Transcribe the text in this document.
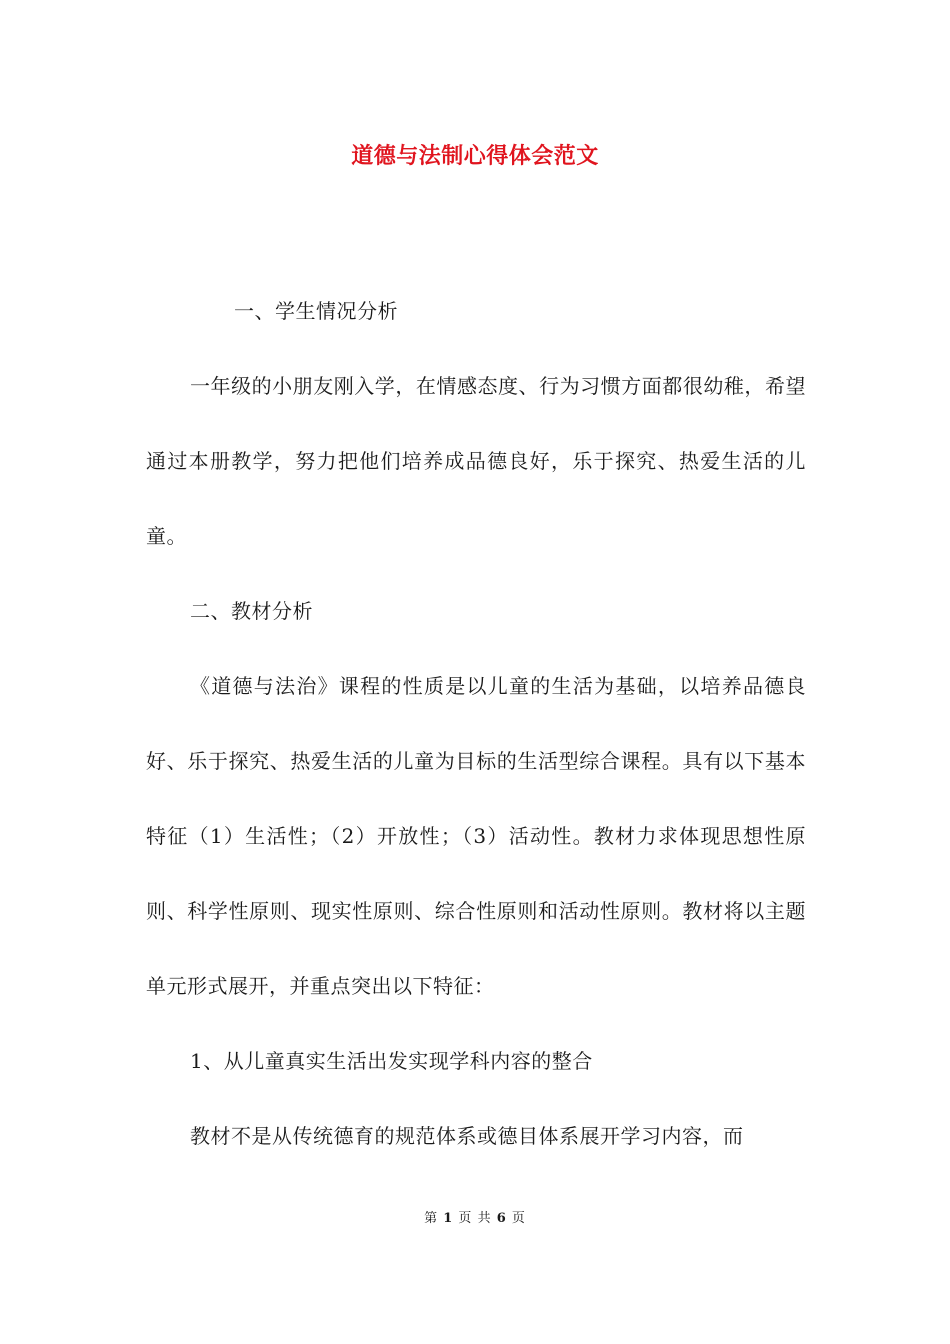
道德与法制心得体会范文

一、学生情况分析

一年级的小朋友刚入学，在情感态度、行为习惯方面都很幼稚，希望通过本册教学，努力把他们培养成品德良好，乐于探究、热爱生活的儿童。

二、教材分析

《道德与法治》课程的性质是以儿童的生活为基础，以培养品德良好、乐于探究、热爱生活的儿童为目标的生活型综合课程。具有以下基本特征（1）生活性；（2）开放性；（3）活动性。教材力求体现思想性原则、科学性原则、现实性原则、综合性原则和活动性原则。教材将以主题单元形式展开，并重点突出以下特征：

1、从儿童真实生活出发实现学科内容的整合

教材不是从传统德育的规范体系或德目体系展开学习内容，而

第 1 页 共 6 页
